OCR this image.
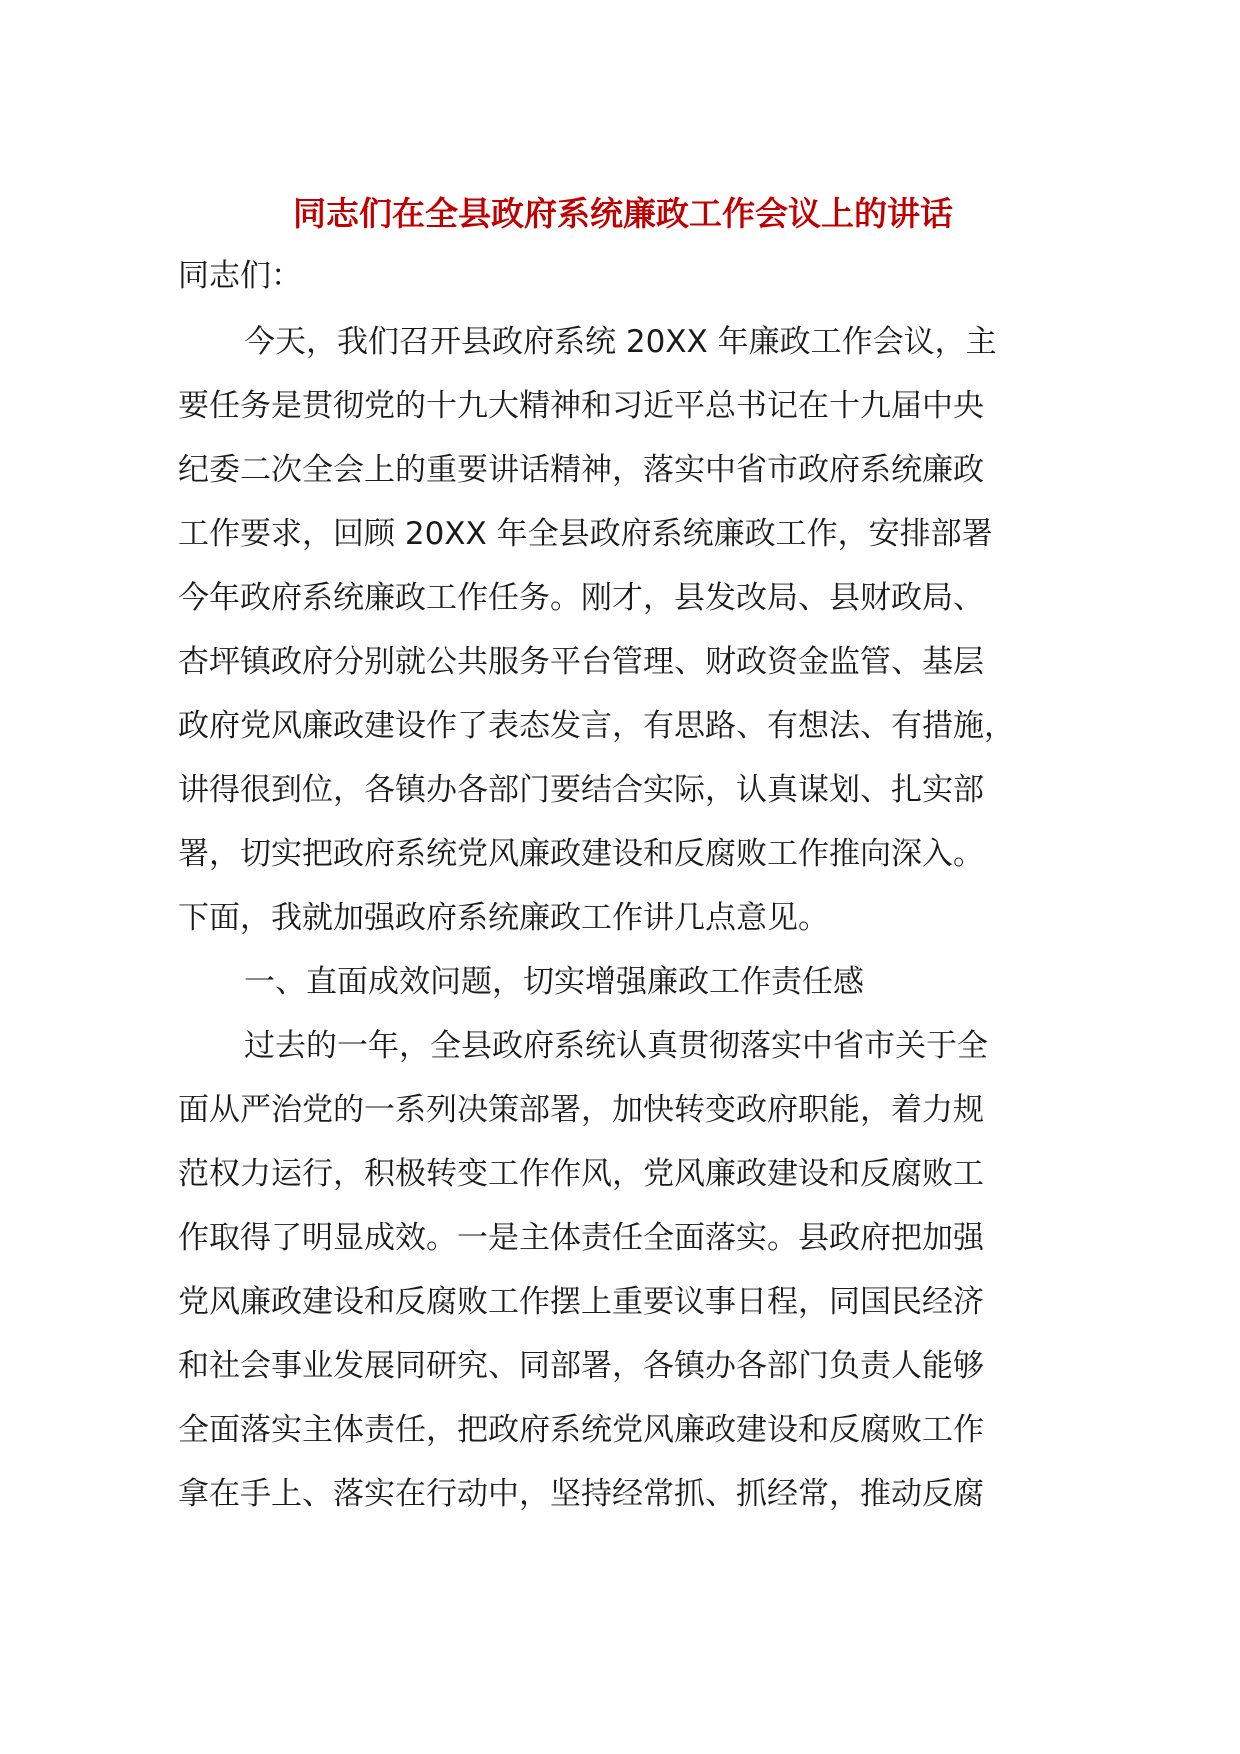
同志们在全县政府系统廉政工作会议上的讲话
同志们：
今天，我们召开县政府系统 20XX 年廉政工作会议，主
要任务是贯彻党的十九大精神和习近平总书记在十九届中央
纪委二次全会上的重要讲话精神，落实中省市政府系统廉政
工作要求，回顾 20XX 年全县政府系统廉政工作，安排部署
今年政府系统廉政工作任务。刚才，县发改局、县财政局、
杏坪镇政府分别就公共服务平台管理、财政资金监管、基层
政府党风廉政建设作了表态发言，有思路、有想法、有措施，
讲得很到位，各镇办各部门要结合实际，认真谋划、扎实部
署，切实把政府系统党风廉政建设和反腐败工作推向深入。
下面，我就加强政府系统廉政工作讲几点意见。
一、直面成效问题，切实增强廉政工作责任感
过去的一年，全县政府系统认真贯彻落实中省市关于全
面从严治党的一系列决策部署，加快转变政府职能，着力规
范权力运行，积极转变工作作风，党风廉政建设和反腐败工
作取得了明显成效。一是主体责任全面落实。县政府把加强
党风廉政建设和反腐败工作摆上重要议事日程，同国民经济
和社会事业发展同研究、同部署，各镇办各部门负责人能够
全面落实主体责任，把政府系统党风廉政建设和反腐败工作
拿在手上、落实在行动中，坚持经常抓、抓经常，推动反腐
